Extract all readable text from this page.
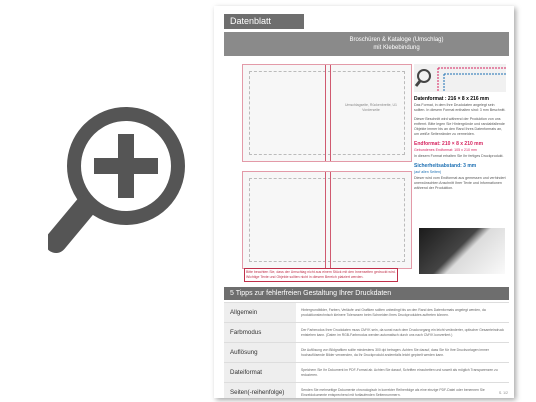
Datenblatt
Broschüren & Kataloge (Umschlag)
mit Klebebindung
Umschlagseite, Rückenbreite, U1 Vorderseite
Bitte beachten Sie, dass der Umschlag nicht aus einem Stück mit den Innenseiten gedruckt wird. Wichtige Texte und Objekte sollten nicht in diesem Bereich platziert werden.
Datenformat : 216 × 8 x 216 mm
Das Format, in dem Ihre Druckdaten angelegt sein sollten. In diesem Format enthalten sind: 3 mm Beschnitt.
Dieser Beschnitt wird während der Produktion von uns entfernt. Bitte legen Sie Hintergründe und randabfallende Objekte immer bis an den Rand Ihres Datenformats an, um weiße Seitenränder zu vermeiden.
Endformat: 210 × 8 x 210 mm
Gebundenes Endformat: 105 x 210 mm
In diesem Format erhalten Sie Ihr fertiges Druckprodukt.
Sicherheitsabstand: 3 mm
(auf allen Seiten)
Dieser wird vom Endformat aus gemessen und verhindert unerwünschten Anschnitt Ihrer Texte und Informationen während der Produktion.
5 Tipps zur fehlerfreien Gestaltung Ihrer Druckdaten
Allgemein	Hintergrundbilder, Farben, Verläufe und Grafiken sollten unbedingt bis an den Rand des Datenformats angelegt werden, da produktionstechnisch kleinere Toleranzen beim Schneiden Ihres Druckproduktes auftreten können.
Farbmodus	Der Farbmodus Ihrer Druckdaten muss CMYK sein, da sonst nach dem Druckvorgang ein leicht veränderter, optischer Gesamteindruck entstehen kann. (Daten im RGB-Farbmodus werden automatisch durch uns nach CMYK konvertiert.)
Auflösung	Die Auflösung von Bildgrafiken sollte mindestens 300 dpi betragen. Achten Sie darauf, dass Sie für Ihre Druckvorlagen immer hochauflösende Bilder verwenden, da Ihr Druckprodukt andernfalls leicht gepixelt werden kann.
Dateiformat	Speichern Sie Ihr Dokument im PDF-Format ab. Achten Sie darauf, Schriften einzubetten und soweit als möglich Transparenzen zu reduzieren.
Seiten(-reihenfolge)	Senden Sie mehrseitige Dokumente chronologisch in korrekter Reihenfolge als eine einzige PDF-Datei oder benennen Sie Einzeldokumente entsprechend mit fortlaufenden Seitennummern.	S. 1/2
